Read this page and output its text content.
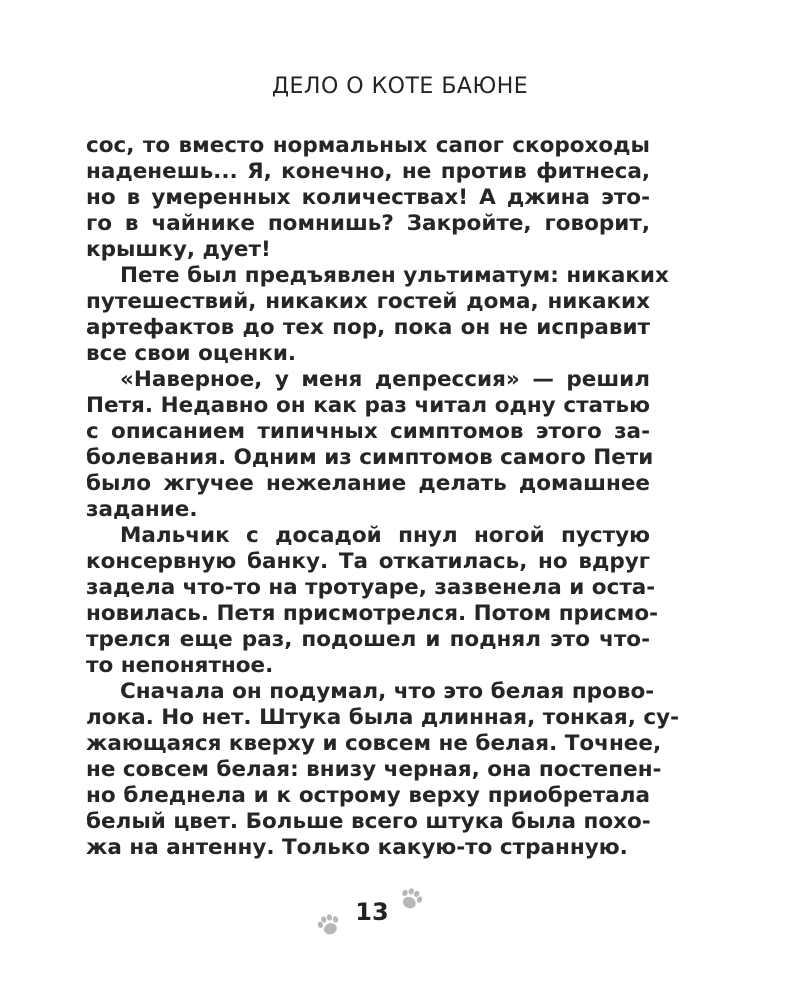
ДЕЛО О КОТЕ БАЮНЕ
сос, то вместо нормальных сапог скороходы
наденешь... Я, конечно, не против фитнеса,
но в умеренных количествах! А джина это-
го в чайнике помнишь? Закройте, говорит,
крышку, дует!
Пете был предъявлен ультиматум: никаких
путешествий, никаких гостей дома, никаких
артефактов до тех пор, пока он не исправит
все свои оценки.
«Наверное, у меня депрессия» — решил
Петя. Недавно он как раз читал одну статью
с описанием типичных симптомов этого за-
болевания. Одним из симптомов самого Пети
было жгучее нежелание делать домашнее
задание.
Мальчик с досадой пнул ногой пустую
консервную банку. Та откатилась, но вдруг
задела что-то на тротуаре, зазвенела и оста-
новилась. Петя присмотрелся. Потом присмо-
трелся еще раз, подошел и поднял это что-
то непонятное.
Сначала он подумал, что это белая прово-
лока. Но нет. Штука была длинная, тонкая, су-
жающаяся кверху и совсем не белая. Точнее,
не совсем белая: внизу черная, она постепен-
но бледнела и к острому верху приобретала
белый цвет. Больше всего штука была похо-
жа на антенну. Только какую-то странную.
13
